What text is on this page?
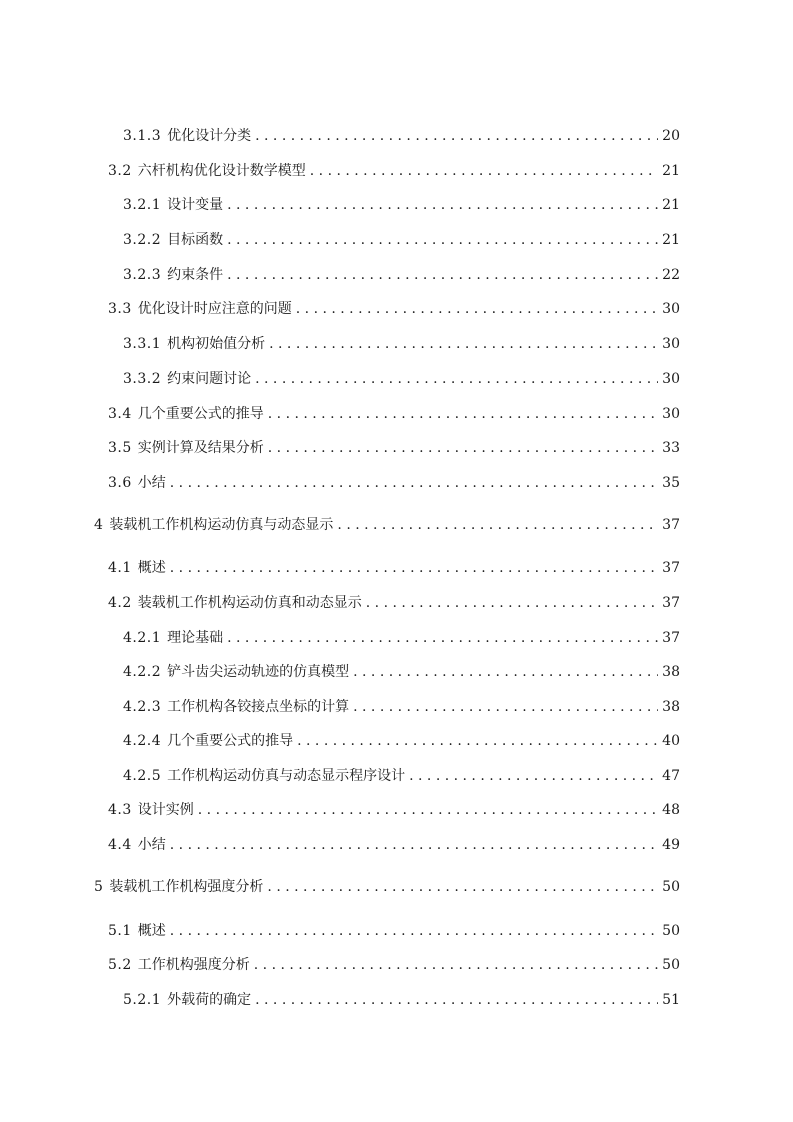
3.1.3 优化设计分类 . . .	20
3.2 六杆机构优化设计数学模型 . . .	21
3.2.1 设计变量 . . .	21
3.2.2 目标函数 . . .	21
3.2.3 约束条件 . . .	22
3.3 优化设计时应注意的问题 . . .	30
3.3.1 机构初始值分析 . . .	30
3.3.2 约束问题讨论 . . .	30
3.4 几个重要公式的推导 . . .	30
3.5 实例计算及结果分析 . . .	33
3.6 小结 . . .	35
4 装载机工作机构运动仿真与动态显示 . . .	37
4.1 概述 . . .	37
4.2 装载机工作机构运动仿真和动态显示 . . .	37
4.2.1 理论基础 . . .	37
4.2.2 铲斗齿尖运动轨迹的仿真模型 . . .	38
4.2.3 工作机构各铰接点坐标的计算 . . .	38
4.2.4 几个重要公式的推导 . . .	40
4.2.5 工作机构运动仿真与动态显示程序设计 . . .	47
4.3 设计实例 . . .	48
4.4 小结 . . .	49
5 装载机工作机构强度分析 . . .	50
5.1 概述 . . .	50
5.2 工作机构强度分析 . . .	50
5.2.1 外载荷的确定 . . .	51
